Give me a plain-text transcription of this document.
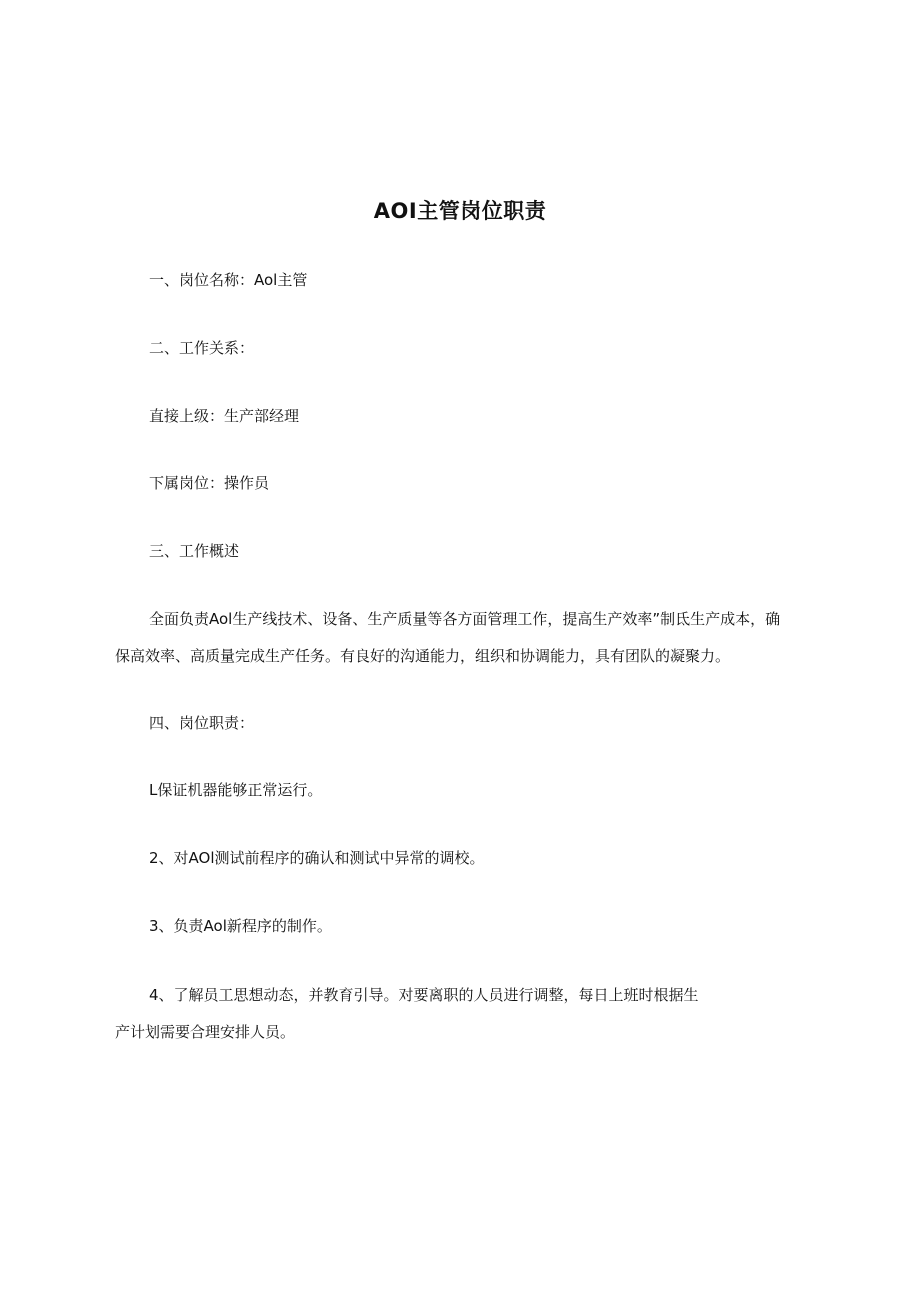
AOI主管岗位职责
一、岗位名称：Aol主管
二、工作关系：
直接上级：生产部经理
下属岗位：操作员
三、工作概述
全面负责Aol生产线技术、设备、生产质量等各方面管理工作，提高生产效率”制氐生产成本，确
保高效率、高质量完成生产任务。有良好的沟通能力，组织和协调能力，具有团队的凝聚力。
四、岗位职责：
L保证机器能够正常运行。
2、对AOl测试前程序的确认和测试中异常的调校。
3、负责Aol新程序的制作。
4、了解员工思想动态，并教育引导。对要离职的人员进行调整，每日上班时根据生
产计划需要合理安排人员。
